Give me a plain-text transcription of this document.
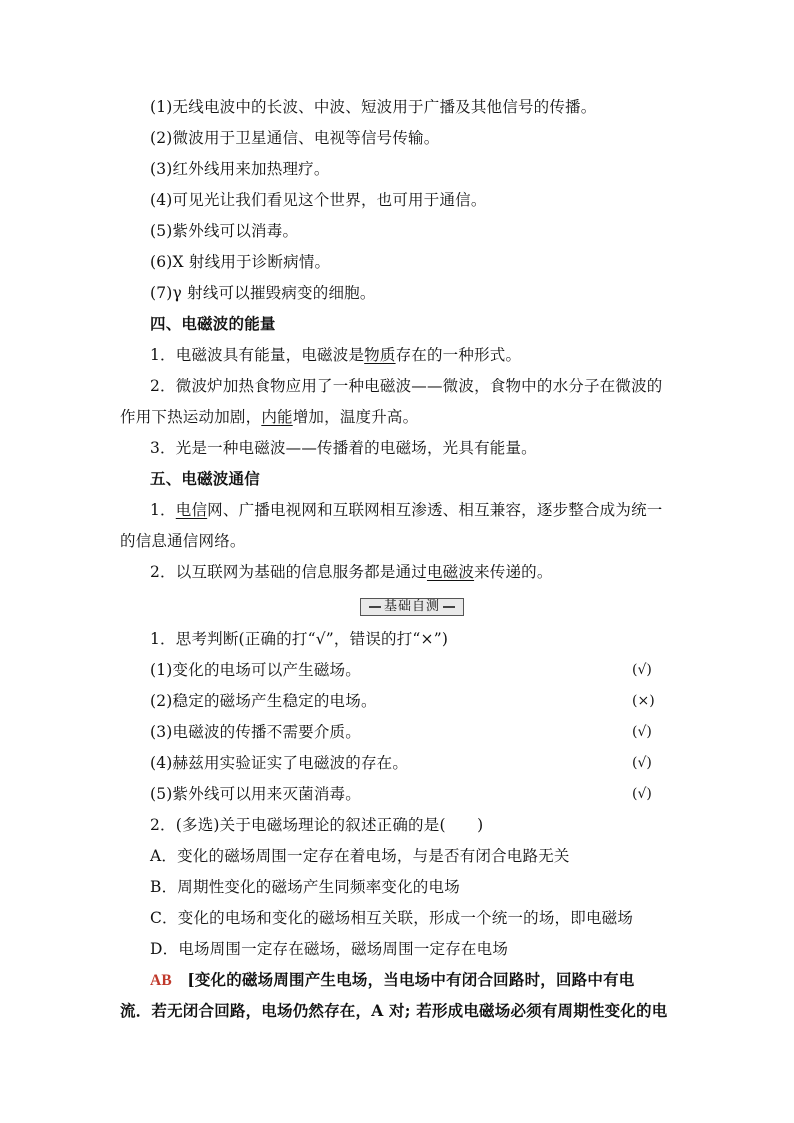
(1)无线电波中的长波、中波、短波用于广播及其他信号的传播。
(2)微波用于卫星通信、电视等信号传输。
(3)红外线用来加热理疗。
(4)可见光让我们看见这个世界，也可用于通信。
(5)紫外线可以消毒。
(6)X 射线用于诊断病情。
(7)γ 射线可以摧毁病变的细胞。
四、电磁波的能量
1．电磁波具有能量，电磁波是物质存在的一种形式。
2．微波炉加热食物应用了一种电磁波——微波，食物中的水分子在微波的
作用下热运动加剧，内能增加，温度升高。
3．光是一种电磁波——传播着的电磁场，光具有能量。
五、电磁波通信
1．电信网、广播电视网和互联网相互渗透、相互兼容，逐步整合成为统一
的信息通信网络。
2．以互联网为基础的信息服务都是通过电磁波来传递的。
基础自测
1．思考判断(正确的打“√”，错误的打“×”)
(1)变化的电场可以产生磁场。	(√)
(2)稳定的磁场产生稳定的电场。	(×)
(3)电磁波的传播不需要介质。	(√)
(4)赫兹用实验证实了电磁波的存在。	(√)
(5)紫外线可以用来灭菌消毒。	(√)
2．(多选)关于电磁场理论的叙述正确的是(　　)
A．变化的磁场周围一定存在着电场，与是否有闭合电路无关
B．周期性变化的磁场产生同频率变化的电场
C．变化的电场和变化的磁场相互关联，形成一个统一的场，即电磁场
D．电场周围一定存在磁场，磁场周围一定存在电场
AB [变化的磁场周围产生电场，当电场中有闭合回路时，回路中有电
流．若无闭合回路，电场仍然存在，A 对; 若形成电磁场必须有周期性变化的电
